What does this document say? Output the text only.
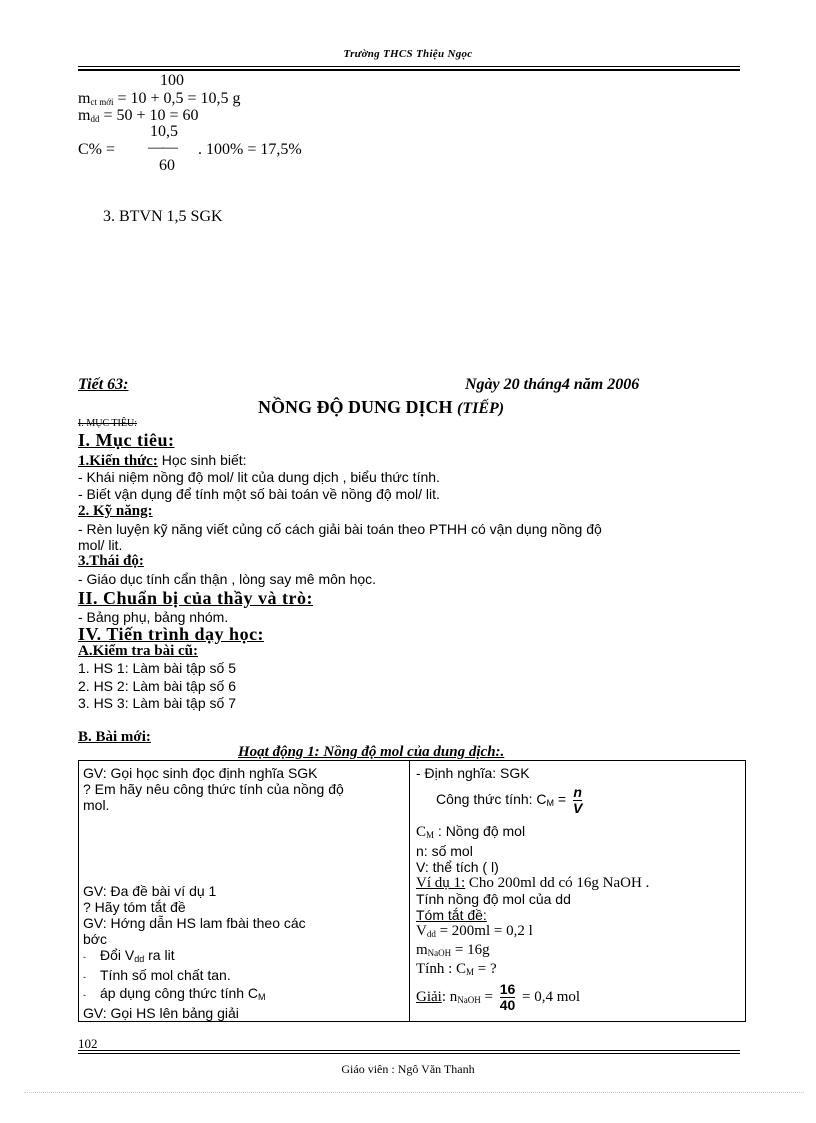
Trường THCS Thiệu Ngọc
100
$m_{ct mới} = 10 + 0,5 = 10,5$ g
$m_{dd} = 50 + 10 = 60$
C% =
10,5
——
60
. 100% = 17,5%
3. BTVN 1,5 SGK
Tiết 63:	Ngày 20 tháng4 năm 2006
NỒNG ĐỘ DUNG DỊCH (TIẾP)
I. MỤC TIÊU:
I. Mục tiêu:
1.Kiến thức: Học sinh biết:
- Khái niệm nồng độ mol/ lit của dung dịch , biểu thức tính.
- Biết vận dụng để tính một số bài toán về nồng độ mol/ lit.
2. Kỹ năng:
- Rèn luyện kỹ năng viết củng cố cách giải bài toán theo PTHH có vận dụng nồng độ
mol/ lit.
3.Thái độ:
- Giáo dục tính cẩn thận , lòng say mê môn học.
II. Chuẩn bị của thầy và trò:
- Bảng phụ, bảng nhóm.
IV. Tiến trình dạy học:
A.Kiểm tra bài cũ:
1. HS 1: Làm bài tập số 5
2. HS 2: Làm bài tập số 6
3. HS 3: Làm bài tập số 7
B. Bài mới:
Hoạt động 1: Nồng độ mol của dung dịch:.
GV: Gọi học sinh đọc định nghĩa SGK
? Em hãy nêu công thức tính của nồng độ
mol.
GV: Đa đề bài ví dụ 1
? Hãy tóm tắt đề
GV: Hớng dẫn HS lam fbài theo các
bớc
- Đổi $V_{dd}$ ra lit
- Tính số mol chất tan.
- áp dụng công thức tính $C_M$
GV: Gọi HS lên bảng giải

- Định nghĩa: SGK
Công thức tính: $C_M = \frac{n}{V}$
$C_M$ : Nồng độ mol
n: số mol
V: thể tích ( l)
Ví dụ 1: Cho 200ml dd có 16g NaOH .
Tính nồng độ mol của dd
Tóm tắt đề:
$V_{dd} = 200ml = 0,2$ l
$m_{NaOH} = 16g$
Tính : $C_M$ = ?
Giải: $n_{NaOH} = \frac{16}{40} = 0,4$ mol
102
Giáo viên : Ngô Văn Thanh
